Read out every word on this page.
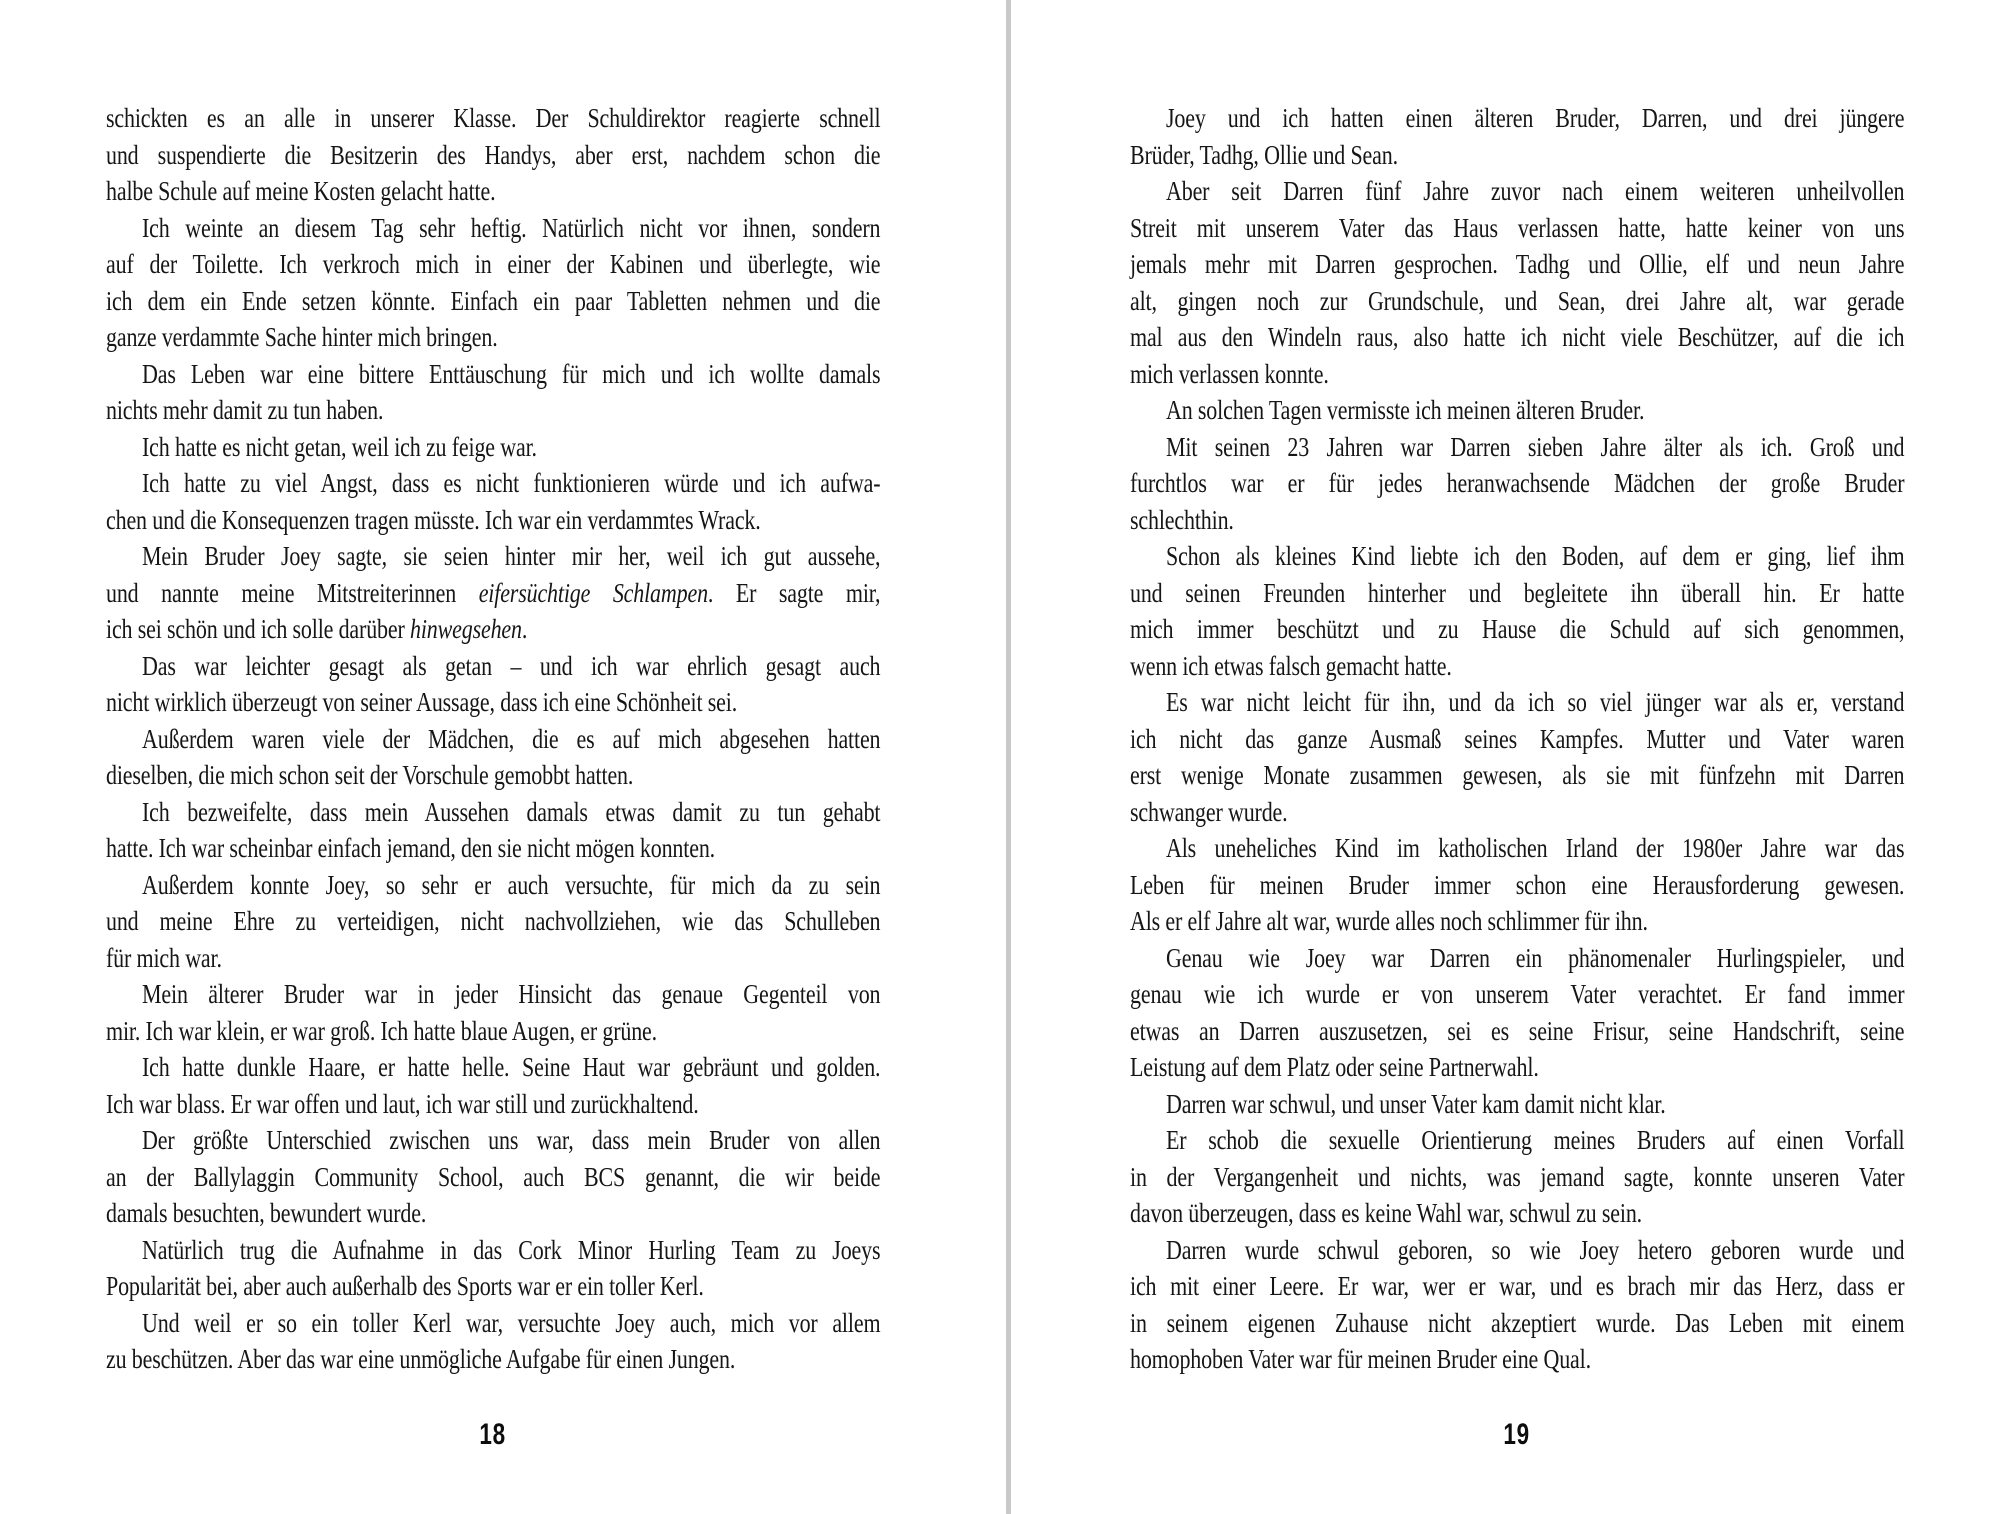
schickten es an alle in unserer Klasse. Der Schuldirektor reagierte schnell
und suspendierte die Besitzerin des Handys, aber erst, nachdem schon die
halbe Schule auf meine Kosten gelacht hatte.
Ich weinte an diesem Tag sehr heftig. Natürlich nicht vor ihnen, sondern
auf der Toilette. Ich verkroch mich in einer der Kabinen und überlegte, wie
ich dem ein Ende setzen könnte. Einfach ein paar Tabletten nehmen und die
ganze verdammte Sache hinter mich bringen.
Das Leben war eine bittere Enttäuschung für mich und ich wollte damals
nichts mehr damit zu tun haben.
Ich hatte es nicht getan, weil ich zu feige war.
Ich hatte zu viel Angst, dass es nicht funktionieren würde und ich aufwa-
chen und die Konsequenzen tragen müsste. Ich war ein verdammtes Wrack.
Mein Bruder Joey sagte, sie seien hinter mir her, weil ich gut aussehe,
und nannte meine Mitstreiterinnen eifersüchtige Schlampen. Er sagte mir,
ich sei schön und ich solle darüber hinwegsehen.
Das war leichter gesagt als getan – und ich war ehrlich gesagt auch
nicht wirklich überzeugt von seiner Aussage, dass ich eine Schönheit sei.
Außerdem waren viele der Mädchen, die es auf mich abgesehen hatten
dieselben, die mich schon seit der Vorschule gemobbt hatten.
Ich bezweifelte, dass mein Aussehen damals etwas damit zu tun gehabt
hatte. Ich war scheinbar einfach jemand, den sie nicht mögen konnten.
Außerdem konnte Joey, so sehr er auch versuchte, für mich da zu sein
und meine Ehre zu verteidigen, nicht nachvollziehen, wie das Schulleben
für mich war.
Mein älterer Bruder war in jeder Hinsicht das genaue Gegenteil von
mir. Ich war klein, er war groß. Ich hatte blaue Augen, er grüne.
Ich hatte dunkle Haare, er hatte helle. Seine Haut war gebräunt und golden.
Ich war blass. Er war offen und laut, ich war still und zurückhaltend.
Der größte Unterschied zwischen uns war, dass mein Bruder von allen
an der Ballylaggin Community School, auch BCS genannt, die wir beide
damals besuchten, bewundert wurde.
Natürlich trug die Aufnahme in das Cork Minor Hurling Team zu Joeys
Popularität bei, aber auch außerhalb des Sports war er ein toller Kerl.
Und weil er so ein toller Kerl war, versuchte Joey auch, mich vor allem
zu beschützen. Aber das war eine unmögliche Aufgabe für einen Jungen.
18
Joey und ich hatten einen älteren Bruder, Darren, und drei jüngere
Brüder, Tadhg, Ollie und Sean.
Aber seit Darren fünf Jahre zuvor nach einem weiteren unheilvollen
Streit mit unserem Vater das Haus verlassen hatte, hatte keiner von uns
jemals mehr mit Darren gesprochen. Tadhg und Ollie, elf und neun Jahre
alt, gingen noch zur Grundschule, und Sean, drei Jahre alt, war gerade
mal aus den Windeln raus, also hatte ich nicht viele Beschützer, auf die ich
mich verlassen konnte.
An solchen Tagen vermisste ich meinen älteren Bruder.
Mit seinen 23 Jahren war Darren sieben Jahre älter als ich. Groß und
furchtlos war er für jedes heranwachsende Mädchen der große Bruder
schlechthin.
Schon als kleines Kind liebte ich den Boden, auf dem er ging, lief ihm
und seinen Freunden hinterher und begleitete ihn überall hin. Er hatte
mich immer beschützt und zu Hause die Schuld auf sich genommen,
wenn ich etwas falsch gemacht hatte.
Es war nicht leicht für ihn, und da ich so viel jünger war als er, verstand
ich nicht das ganze Ausmaß seines Kampfes. Mutter und Vater waren
erst wenige Monate zusammen gewesen, als sie mit fünfzehn mit Darren
schwanger wurde.
Als uneheliches Kind im katholischen Irland der 1980er Jahre war das
Leben für meinen Bruder immer schon eine Herausforderung gewesen.
Als er elf Jahre alt war, wurde alles noch schlimmer für ihn.
Genau wie Joey war Darren ein phänomenaler Hurlingspieler, und
genau wie ich wurde er von unserem Vater verachtet. Er fand immer
etwas an Darren auszusetzen, sei es seine Frisur, seine Handschrift, seine
Leistung auf dem Platz oder seine Partnerwahl.
Darren war schwul, und unser Vater kam damit nicht klar.
Er schob die sexuelle Orientierung meines Bruders auf einen Vorfall
in der Vergangenheit und nichts, was jemand sagte, konnte unseren Vater
davon überzeugen, dass es keine Wahl war, schwul zu sein.
Darren wurde schwul geboren, so wie Joey hetero geboren wurde und
ich mit einer Leere. Er war, wer er war, und es brach mir das Herz, dass er
in seinem eigenen Zuhause nicht akzeptiert wurde. Das Leben mit einem
homophoben Vater war für meinen Bruder eine Qual.
19
